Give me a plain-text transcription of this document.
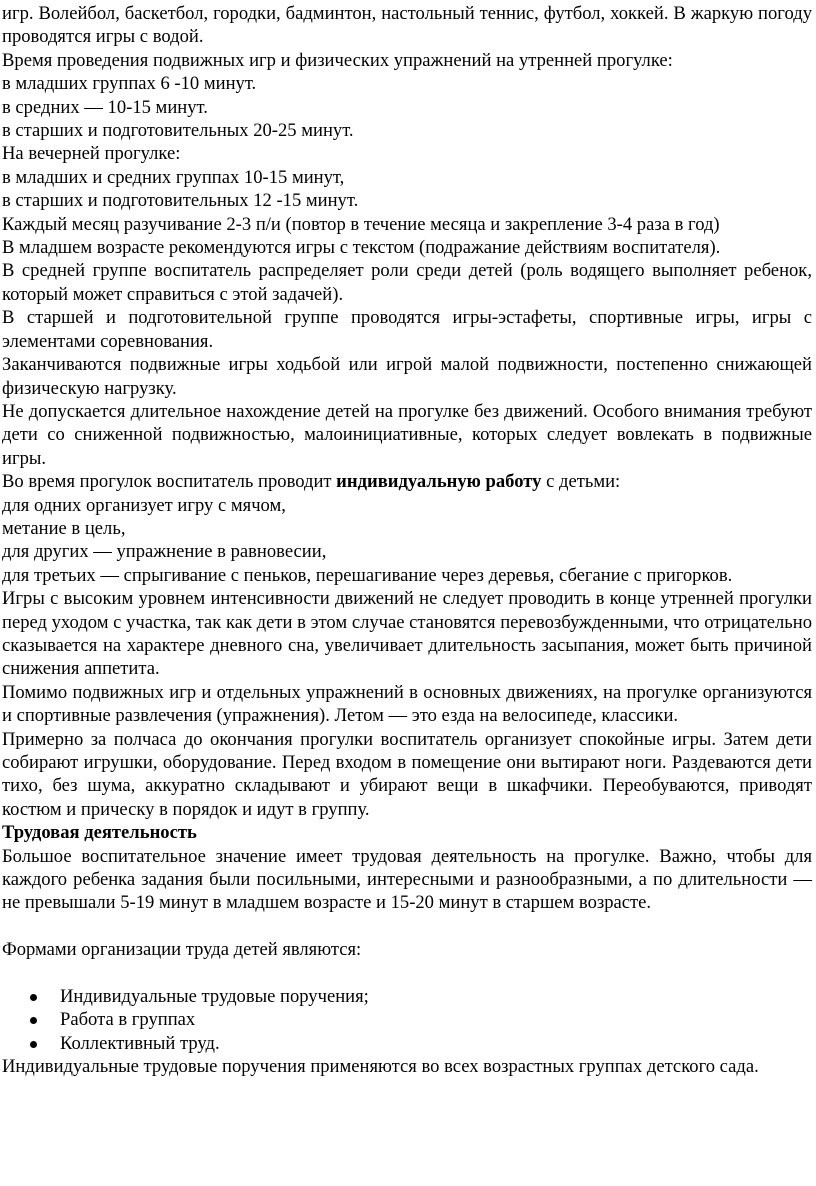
игр. Волейбол, баскетбол, городки, бадминтон, настольный теннис, футбол, хоккей. В жаркую погоду проводятся игры с водой.

Время проведения подвижных игр и физических упражнений на утренней прогулке:

в младших группах 6 -10 минут.

в средних — 10-15 минут.

в старших и подготовительных 20-25 минут.

На вечерней прогулке:

в младших и средних группах 10-15 минут,

в старших и подготовительных 12 -15 минут.

Каждый месяц разучивание 2-3 п/и (повтор в течение месяца и закрепление 3-4 раза в год)

В младшем возрасте рекомендуются игры с текстом (подражание действиям воспитателя).

В средней группе воспитатель распределяет роли среди детей (роль водящего выполняет ребенок, который может справиться с этой задачей).

В старшей и подготовительной группе проводятся игры-эстафеты, спортивные игры, игры с элементами соревнования.

Заканчиваются подвижные игры ходьбой или игрой малой подвижности, постепенно снижающей физическую нагрузку.

Не допускается длительное нахождение детей на прогулке без движений. Особого внимания требуют дети со сниженной подвижностью, малоинициативные, которых следует вовлекать в подвижные игры.

Во время прогулок воспитатель проводит индивидуальную работу с детьми:

для одних организует игру с мячом,

метание в цель,

для других — упражнение в равновесии,

для третьих — спрыгивание с пеньков, перешагивание через деревья, сбегание с пригорков.

Игры с высоким уровнем интенсивности движений не следует проводить в конце утренней прогулки перед уходом с участка, так как дети в этом случае становятся перевозбужденными, что отрицательно сказывается на характере дневного сна, увеличивает длительность засыпания, может быть причиной снижения аппетита.

Помимо подвижных игр и отдельных упражнений в основных движениях, на прогулке организуются и спортивные развлечения (упражнения). Летом — это езда на велосипеде, классики.

Примерно за полчаса до окончания прогулки воспитатель организует спокойные игры. Затем дети собирают игрушки, оборудование. Перед входом в помещение они вытирают ноги. Раздеваются дети тихо, без шума, аккуратно складывают и убирают вещи в шкафчики. Переобуваются, приводят костюм и прическу в порядок и идут в группу.

Трудовая деятельность

Большое воспитательное значение имеет трудовая деятельность на прогулке. Важно, чтобы для каждого ребенка задания были посильными, интересными и разнообразными, а по длительности — не превышали 5-19 минут в младшем возрасте и 15-20 минут в старшем возрасте.

Формами организации труда детей являются:

Индивидуальные трудовые поручения;
Работа в группах
Коллективный труд.

Индивидуальные трудовые поручения применяются во всех возрастных группах детского сада.
